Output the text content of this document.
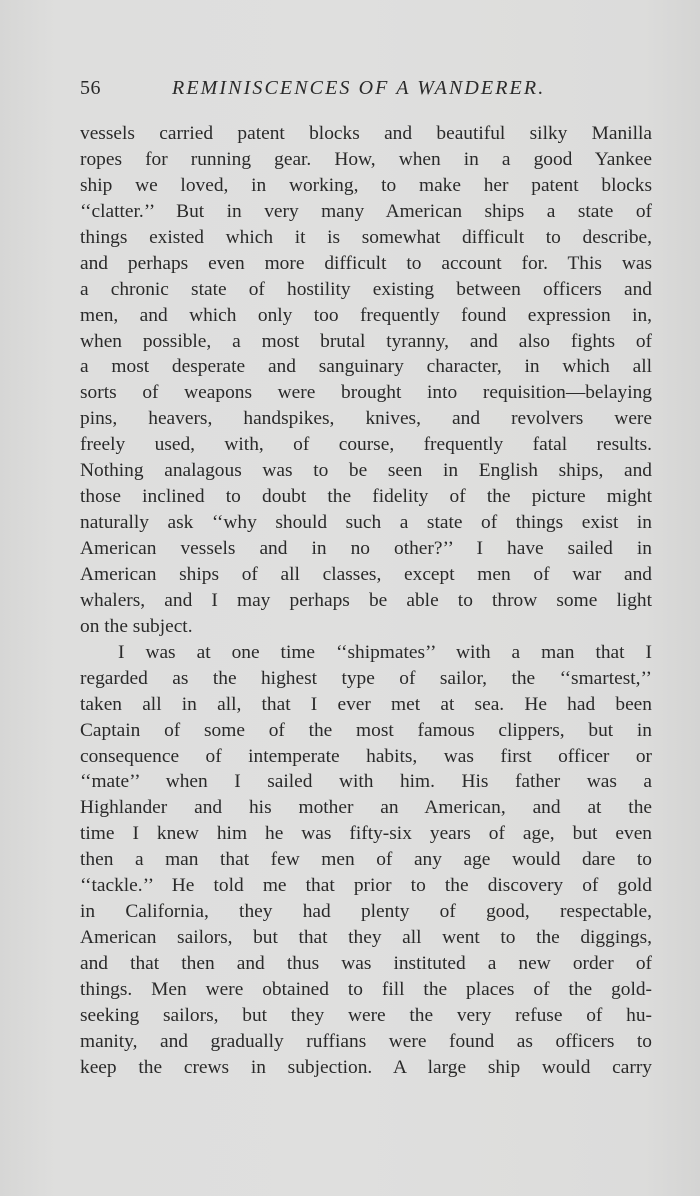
56	REMINISCENCES OF A WANDERER.
vessels carried patent blocks and beautiful silky Manilla
ropes for running gear. How, when in a good Yankee
ship we loved, in working, to make her patent blocks
‘‘clatter.’’ But in very many American ships a state of
things existed which it is somewhat difficult to describe,
and perhaps even more difficult to account for. This was
a chronic state of hostility existing between officers and
men, and which only too frequently found expression in,
when possible, a most brutal tyranny, and also fights of
a most desperate and sanguinary character, in which all
sorts of weapons were brought into requisition—belaying
pins, heavers, handspikes, knives, and revolvers were
freely used, with, of course, frequently fatal results.
Nothing analagous was to be seen in English ships, and
those inclined to doubt the fidelity of the picture might
naturally ask ‘‘why should such a state of things exist in
American vessels and in no other?’’ I have sailed in
American ships of all classes, except men of war and
whalers, and I may perhaps be able to throw some light
on the subject.
I was at one time ‘‘shipmates’’ with a man that I
regarded as the highest type of sailor, the ‘‘smartest,’’
taken all in all, that I ever met at sea. He had been
Captain of some of the most famous clippers, but in
consequence of intemperate habits, was first officer or
‘‘mate’’ when I sailed with him. His father was a
Highlander and his mother an American, and at the
time I knew him he was fifty-six years of age, but even
then a man that few men of any age would dare to
‘‘tackle.’’ He told me that prior to the discovery of gold
in California, they had plenty of good, respectable,
American sailors, but that they all went to the diggings,
and that then and thus was instituted a new order of
things. Men were obtained to fill the places of the gold-
seeking sailors, but they were the very refuse of hu-
manity, and gradually ruffians were found as officers to
keep the crews in subjection. A large ship would carry
